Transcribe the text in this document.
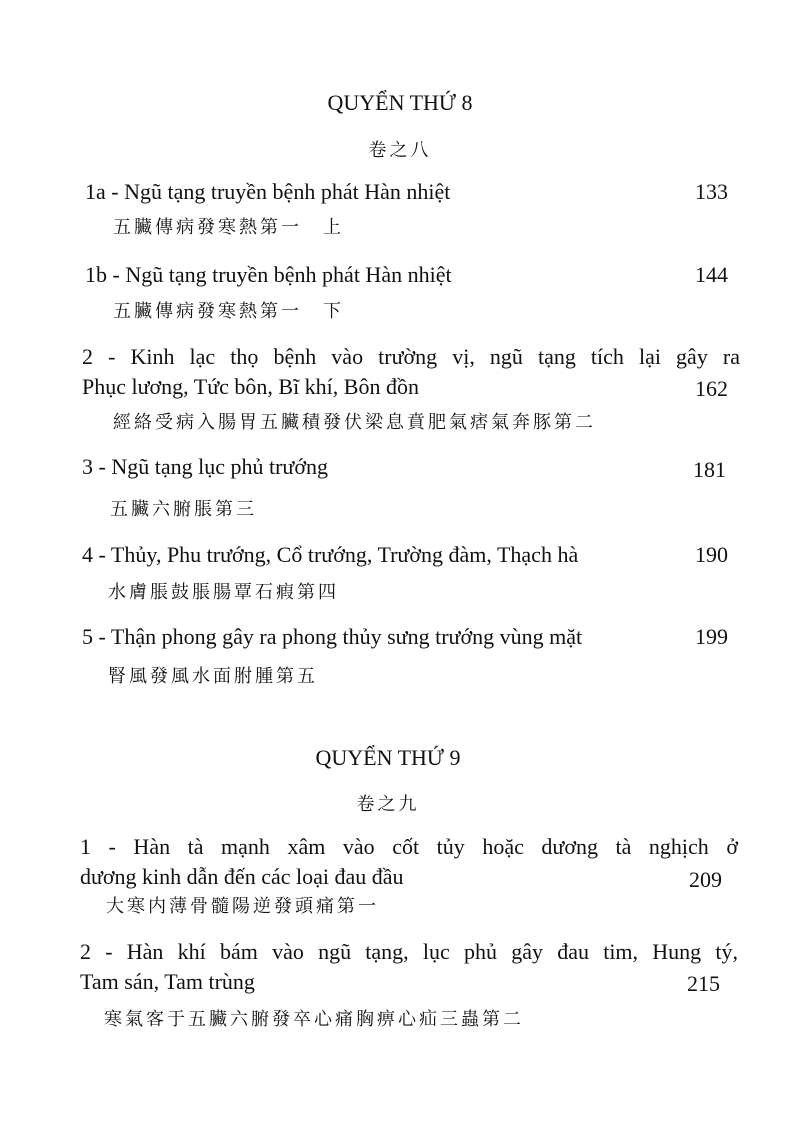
QUYỂN THỨ 8
卷之八
1a - Ngũ tạng truyền bệnh phát Hàn nhiệt	133
五臟傳病發寒熱第一　上
1b - Ngũ tạng truyền bệnh phát Hàn nhiệt	144
五臟傳病發寒熱第一　下
2 - Kinh lạc thọ bệnh vào trường vị, ngũ tạng tích lại gây ra
Phục lương, Tức bôn, Bĩ khí, Bôn đồn	162
經絡受病入腸胃五臟積發伏梁息賁肥氣痞氣奔豚第二
3 - Ngũ tạng lục phủ trướng	181
五臟六腑脹第三
4 - Thủy, Phu trướng, Cổ trướng, Trường đàm, Thạch hà	190
水膚脹鼓脹腸覃石瘕第四
5 - Thận phong gây ra phong thủy sưng trướng vùng mặt	199
腎風發風水面胕腫第五
QUYỂN THỨ 9
卷之九
1 - Hàn tà mạnh xâm vào cốt tủy hoặc dương tà nghịch ở
dương kinh dẫn đến các loại đau đầu	209
大寒内薄骨髓陽逆發頭痛第一
2 - Hàn khí bám vào ngũ tạng, lục phủ gây đau tim, Hung tý,
Tam sán, Tam trùng	215
寒氣客于五臟六腑發卒心痛胸痹心疝三蟲第二
